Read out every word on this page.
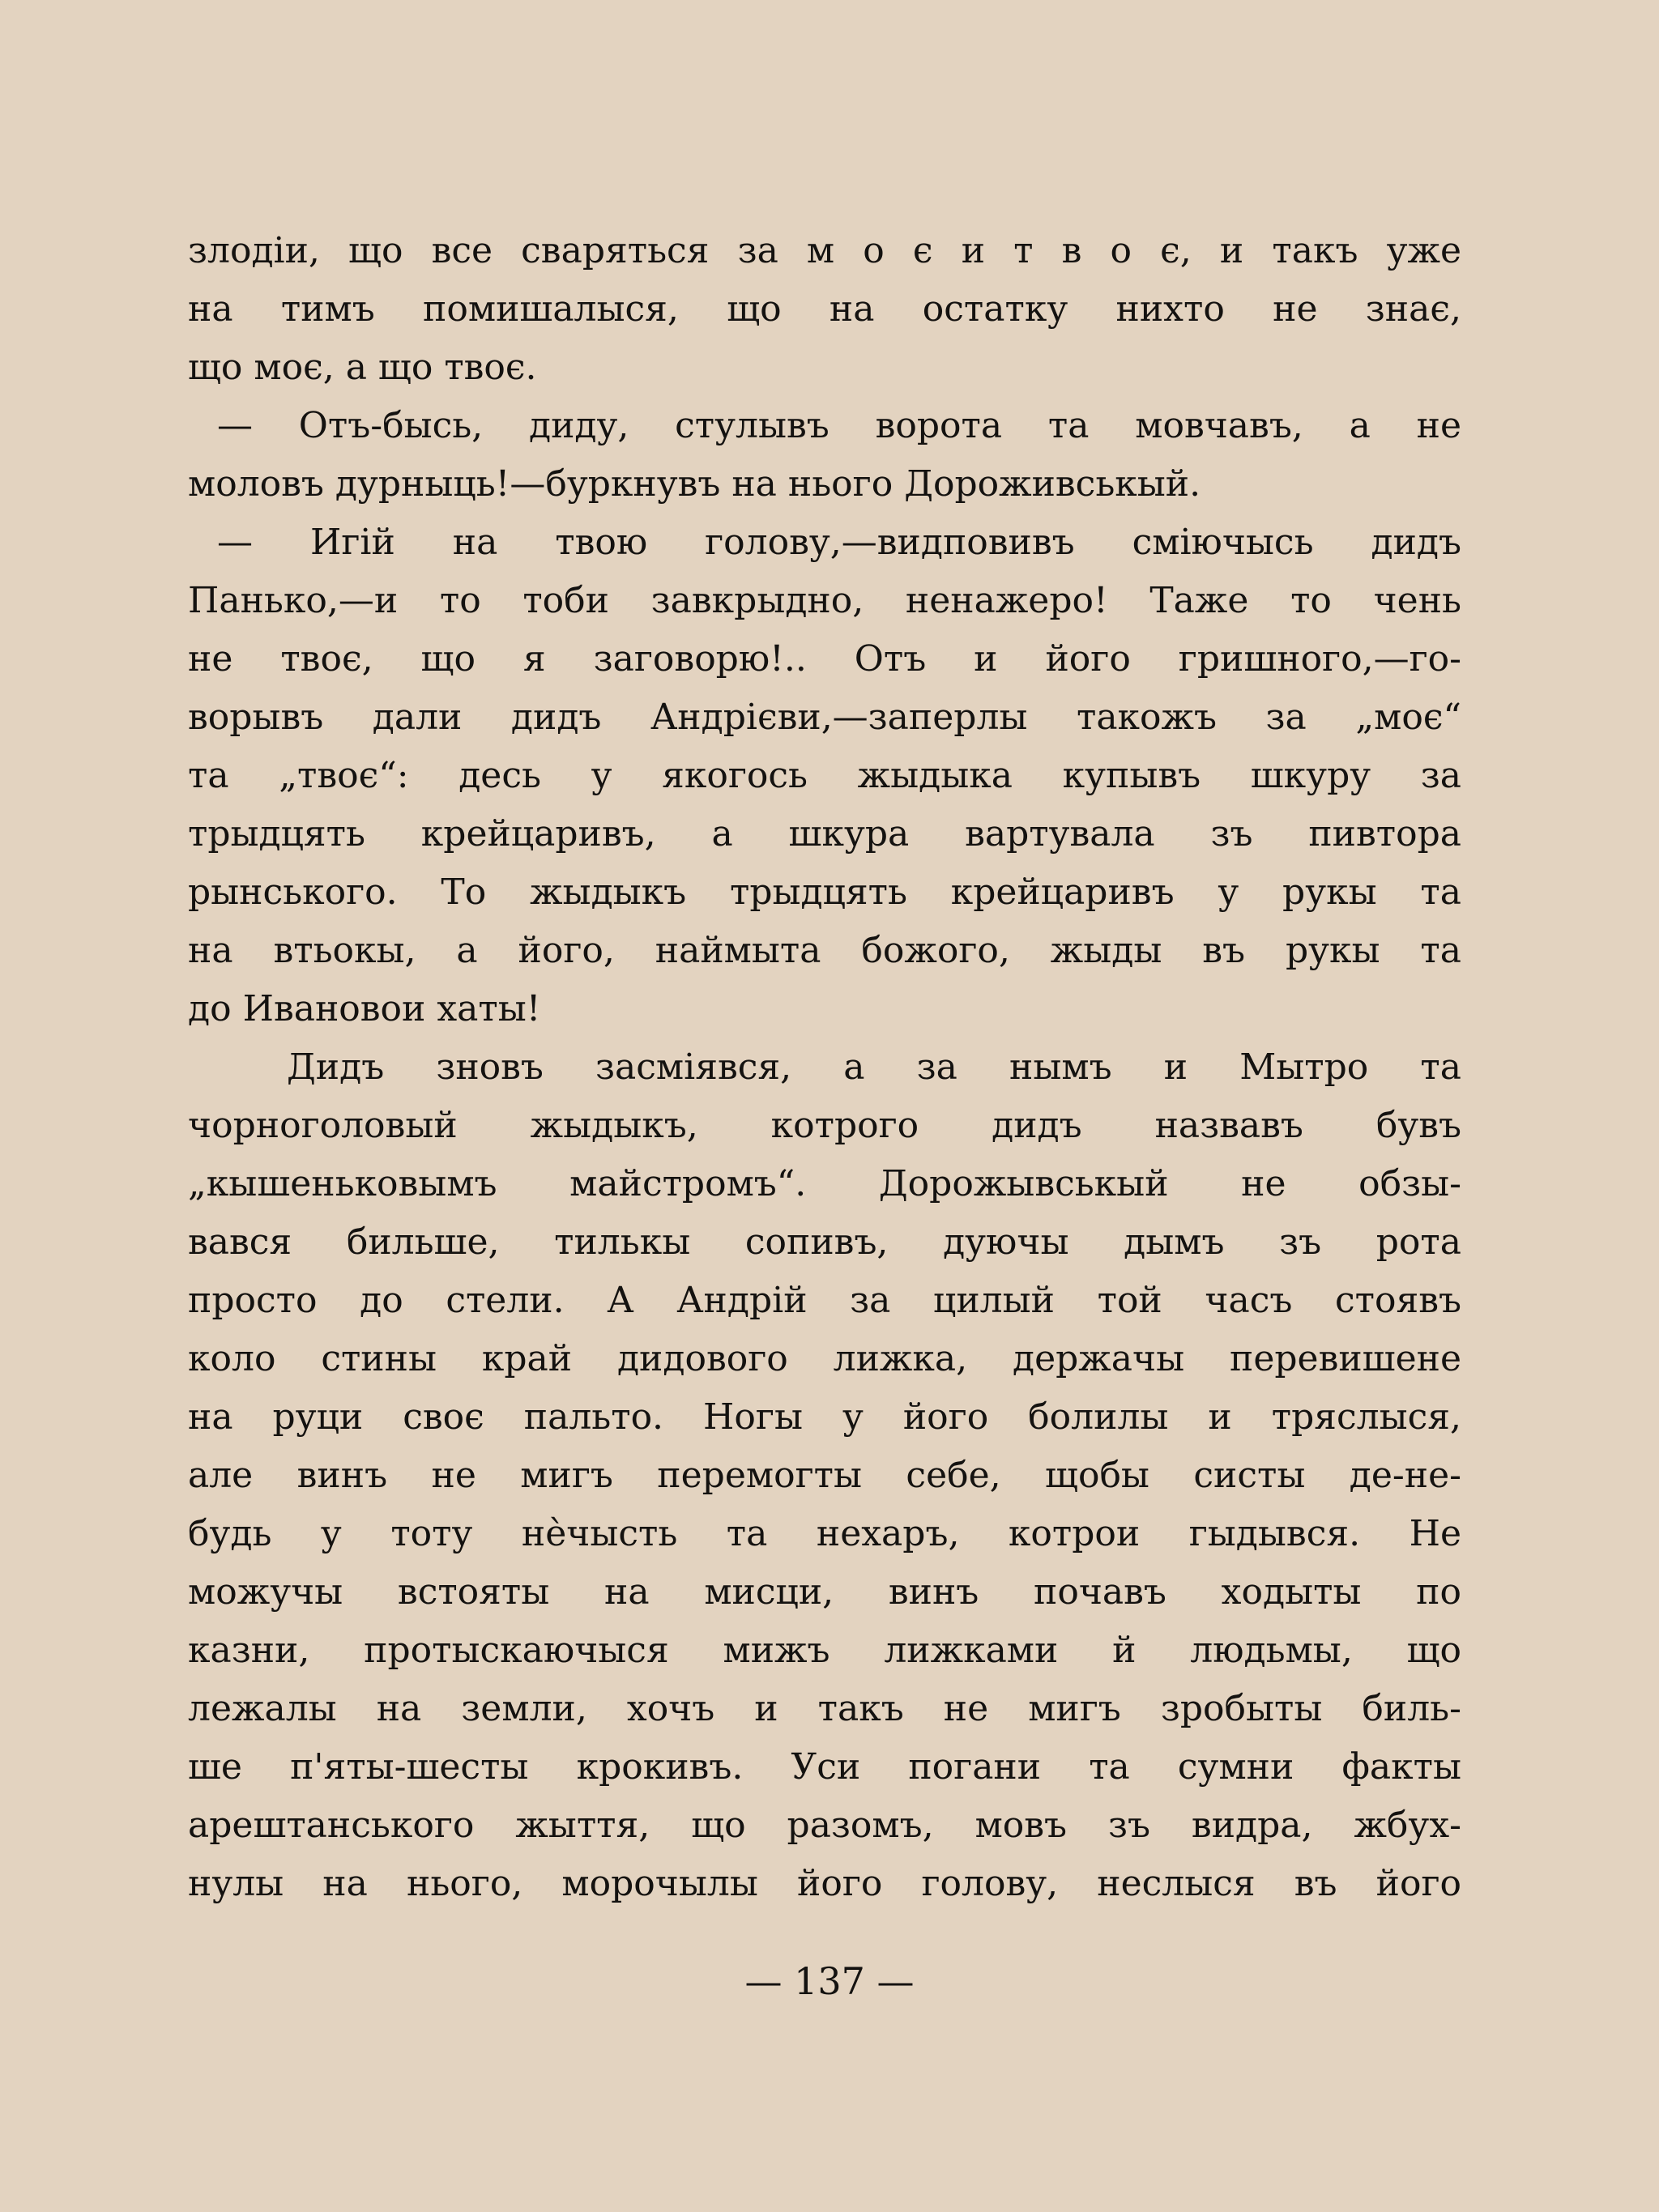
злодіи, що все сваряться за м о є и т в о є, и такъ уже
на тимъ помишалыся, що на остатку нихто не знає,
що моє, а що твоє.
— Отъ-бысь, диду, стулывъ ворота та мовчавъ, а не
моловъ дурныць!—буркнувъ на нього Дороживськый.
— Игій на твою голову,—видповивъ сміючысь дидъ
Панько,—и то тоби завкрыдно, ненажеро! Таже то чень
не твоє, що я заговорю!.. Отъ и його гришного,—го-
ворывъ дали дидъ Андрієви,—заперлы такожъ за „моє“
та „твоє“: десь у якогось жыдыка купывъ шкуру за
трыдцять крейцаривъ, а шкура вартувала зъ пивтора
рынського. То жыдыкъ трыдцять крейцаривъ у рукы та
на втьокы, а його, наймыта божого, жыды въ рукы та
до Ивановои хаты!
Дидъ зновъ засміявся, а за нымъ и Мытро та
чорноголовый жыдыкъ, котрого дидъ назвавъ бувъ
„кышеньковымъ майстромъ“. Дорожывськый не обзы-
вався бильше, тилькы сопивъ, дуючы дымъ зъ рота
просто до стели. А Андрій за цилый той часъ стоявъ
коло стины край дидового лижка, держачы перевишене
на руци своє пальто. Ногы у його болилы и тряслыся,
але винъ не мигъ перемогты себе, щобы систы де-не-
будь у тоту нѐчысть та нехаръ, котрои гыдывся. Не
можучы встояты на мисци, винъ почавъ ходыты по
казни, протыскаючыся мижъ лижками й людьмы, що
лежалы на земли, хочъ и такъ не мигъ зробыты биль-
ше п'яты-шесты крокивъ. Уси погани та сумни факты
арештанського жыття, що разомъ, мовъ зъ видра, жбух-
нулы на нього, морочылы його голову, неслыся въ його
— 137 —
